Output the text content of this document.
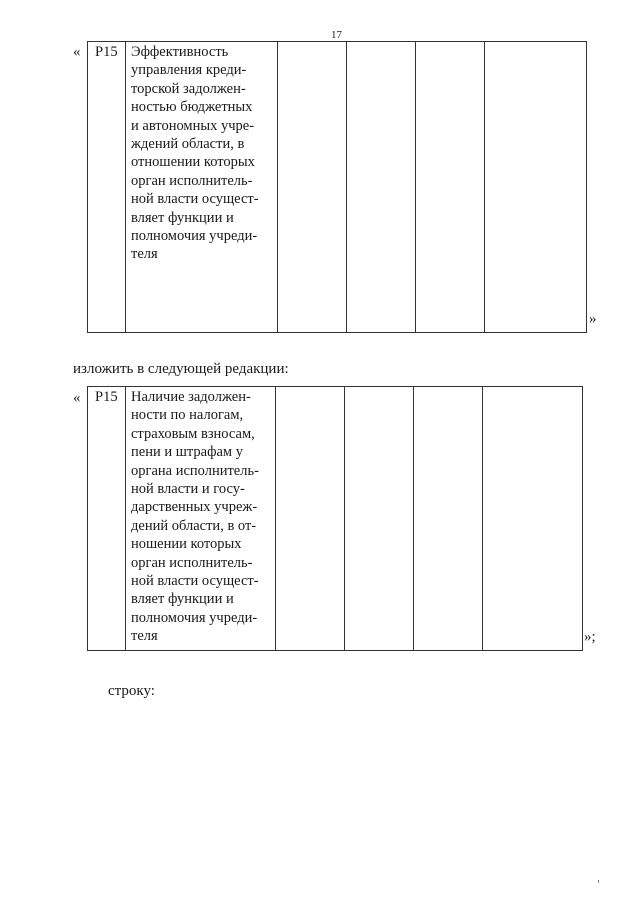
17
«	Р15	Эффективность
управления креди-
торской задолжен-
ностью бюджетных
и автономных учре-
ждений области, в
отношении которых
орган исполнитель-
ной власти осущест-
вляет функции и
полномочия учреди-
теля

»
изложить в следующей редакции:
«	Р15	Наличие задолжен-
ности по налогам,
страховым взносам,
пени и штрафам у
органа исполнитель-
ной власти и госу-
дарственных учреж-
дений области, в от-
ношении которых
орган исполнитель-
ной власти осущест-
вляет функции и
полномочия учреди-
теля
					»;
строку:
